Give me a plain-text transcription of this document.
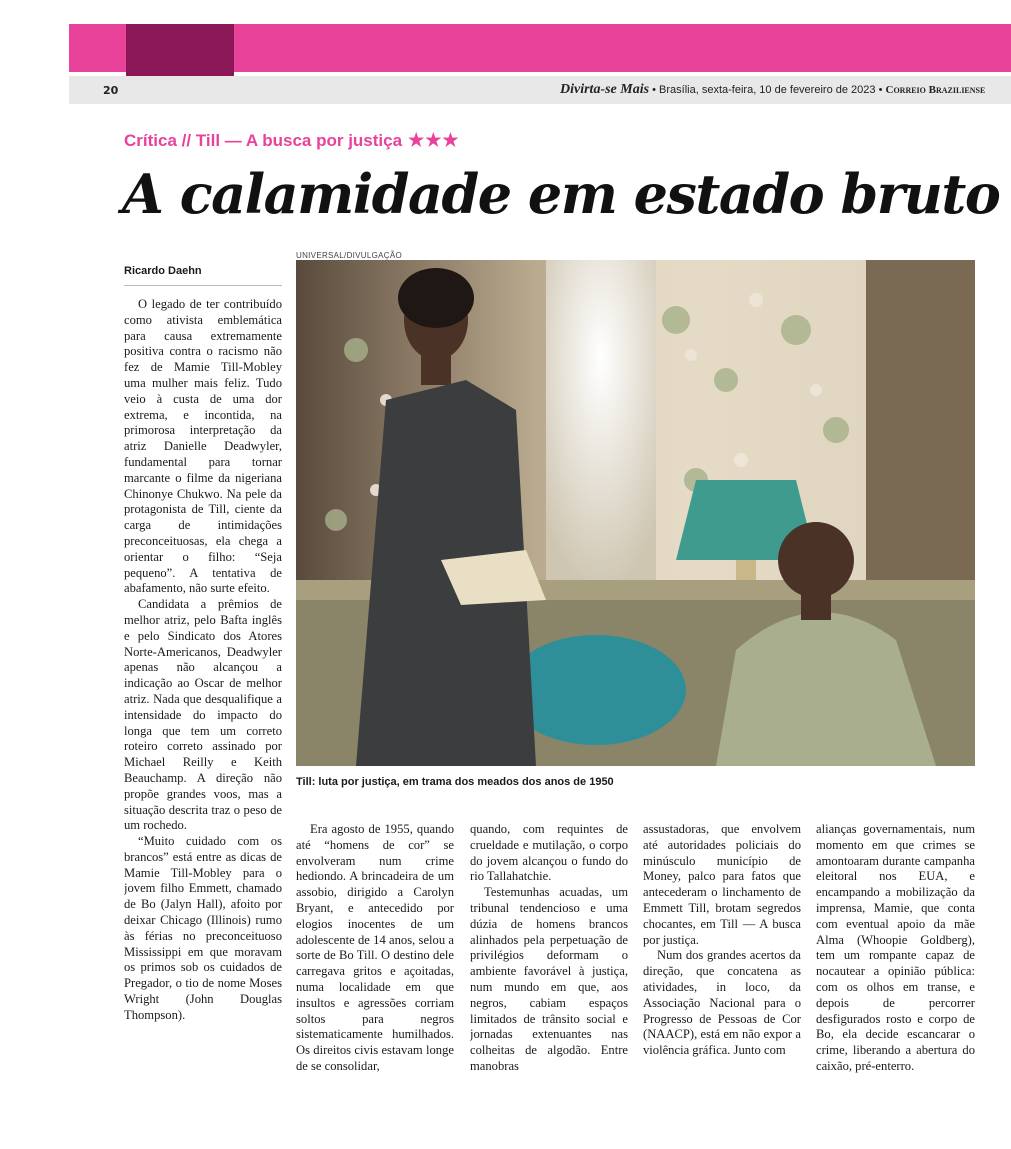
20	Divirta-se Mais • Brasília, sexta-feira, 10 de fevereiro de 2023 • Correio Braziliense
Crítica // Till — A busca por justiça ★★★
A calamidade em estado bruto
Ricardo Daehn
UNIVERSAL/DIVULGAÇÃO
Till: luta por justiça, em trama dos meados dos anos de 1950

O legado de ter contribuído como ativista emblemática para causa extremamente positiva contra o racismo não fez de Mamie Till-Mobley uma mulher mais feliz. Tudo veio à custa de uma dor extrema, e incontida, na primorosa interpretação da atriz Danielle Deadwyler, fundamental para tornar marcante o filme da nigeriana Chinonye Chukwo. Na pele da protagonista de Till, ciente da carga de intimidações preconceituosas, ela chega a orientar o filho: “Seja pequeno”. A tentativa de abafamento, não surte efeito.

Candidata a prêmios de melhor atriz, pelo Bafta inglês e pelo Sindicato dos Atores Norte-Americanos, Deadwyler apenas não alcançou a indicação ao Oscar de melhor atriz. Nada que desqualifique a intensidade do impacto do longa que tem um correto roteiro correto assinado por Michael Reilly e Keith Beauchamp. A direção não propõe grandes voos, mas a situação descrita traz o peso de um rochedo.

“Muito cuidado com os brancos” está entre as dicas de Mamie Till-Mobley para o jovem filho Emmett, chamado de Bo (Jalyn Hall), afoito por deixar Chicago (Illinois) rumo às férias no preconceituoso Mississippi em que moravam os primos sob os cuidados de Pregador, o tio de nome Moses Wright (John Douglas Thompson).

Era agosto de 1955, quando até “homens de cor” se envolveram num crime hediondo. A brincadeira de um assobio, dirigido a Carolyn Bryant, e antecedido por elogios inocentes de um adolescente de 14 anos, selou a sorte de Bo Till. O destino dele carregava gritos e açoitadas, numa localidade em que insultos e agressões corriam soltos para negros sistematicamente humilhados. Os direitos civis estavam longe de se consolidar,

quando, com requintes de crueldade e mutilação, o corpo do jovem alcançou o fundo do rio Tallahatchie.

Testemunhas acuadas, um tribunal tendencioso e uma dúzia de homens brancos alinhados pela perpetuação de privilégios deformam o ambiente favorável à justiça, num mundo em que, aos negros, cabiam espaços limitados de trânsito social e jornadas extenuantes nas colheitas de algodão. Entre manobras

assustadoras, que envolvem até autoridades policiais do minúsculo município de Money, palco para fatos que antecederam o linchamento de Emmett Till, brotam segredos chocantes, em Till — A busca por justiça.

Num dos grandes acertos da direção, que concatena as atividades, in loco, da Associação Nacional para o Progresso de Pessoas de Cor (NAACP), está em não expor a violência gráfica. Junto com

alianças governamentais, num momento em que crimes se amontoaram durante campanha eleitoral nos EUA, e encampando a mobilização da imprensa, Mamie, que conta com eventual apoio da mãe Alma (Whoopie Goldberg), tem um rompante capaz de nocautear a opinião pública: com os olhos em transe, e depois de percorrer desfigurados rosto e corpo de Bo, ela decide escancarar o crime, liberando a abertura do caixão, pré-enterro.
